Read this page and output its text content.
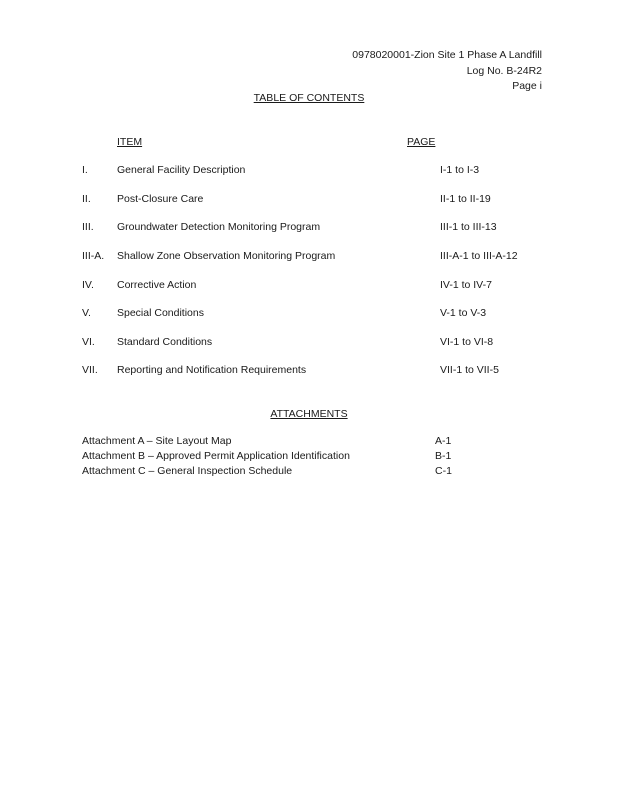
0978020001-Zion Site 1 Phase A Landfill
Log No. B-24R2
Page i
TABLE OF CONTENTS
ITEM	PAGE
I.	General Facility Description	I-1 to I-3
II. Post-Closure Care	II-1 to II-19
III. Groundwater Detection Monitoring Program	III-1 to III-13
III-A. Shallow Zone Observation Monitoring Program	III-A-1 to III-A-12
IV. Corrective Action	IV-1 to IV-7
V. Special Conditions	V-1 to V-3
VI. Standard Conditions	VI-1 to VI-8
VII. Reporting and Notification Requirements	VII-1 to VII-5
ATTACHMENTS
Attachment A – Site Layout Map	A-1
Attachment B – Approved Permit Application Identification	B-1
Attachment C – General Inspection Schedule	C-1
